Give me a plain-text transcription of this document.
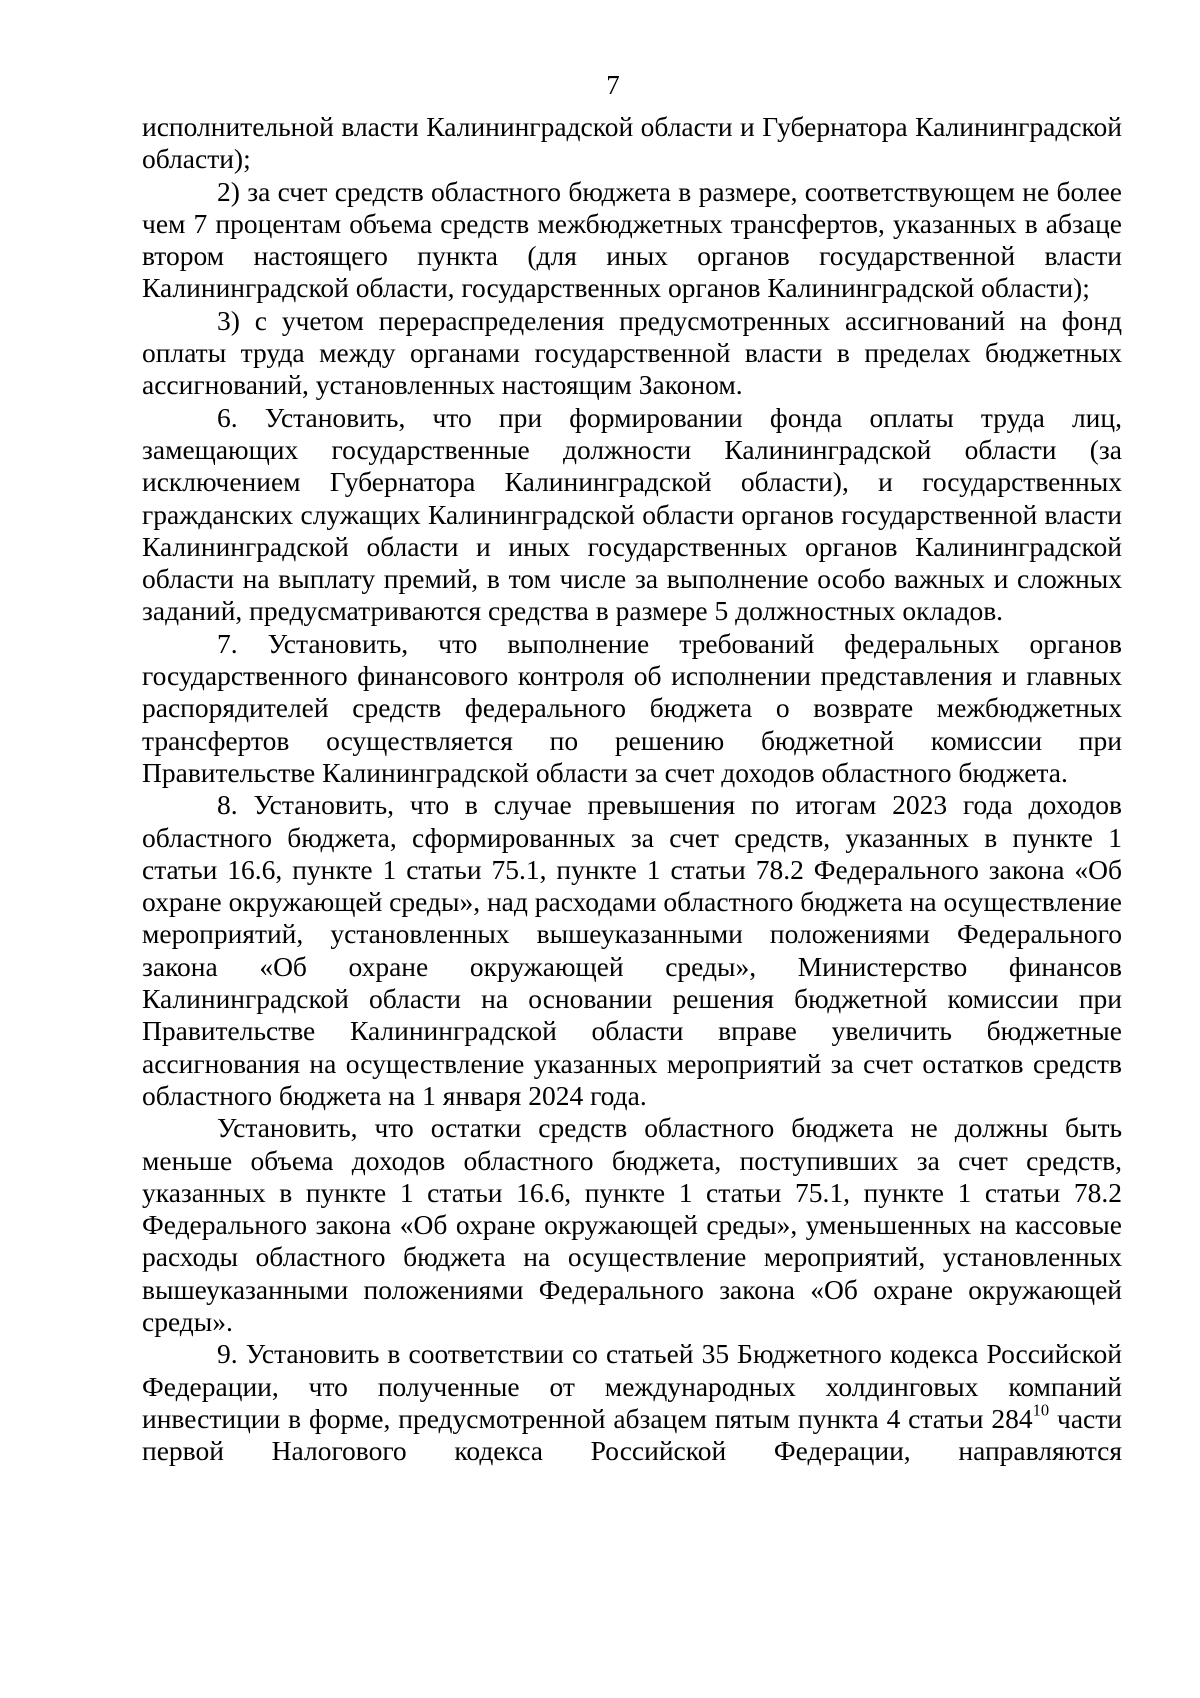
7

исполнительной власти Калининградской области и Губернатора Калининградской области);

2) за счет средств областного бюджета в размере, соответствующем не более чем 7 процентам объема средств межбюджетных трансфертов, указанных в абзаце втором настоящего пункта (для иных органов государственной власти Калининградской области, государственных органов Калининградской области);

3) с учетом перераспределения предусмотренных ассигнований на фонд оплаты труда между органами государственной власти в пределах бюджетных ассигнований, установленных настоящим Законом.

6. Установить, что при формировании фонда оплаты труда лиц, замещающих государственные должности Калининградской области (за исключением Губернатора Калининградской области), и государственных гражданских служащих Калининградской области органов государственной власти Калининградской области и иных государственных органов Калининградской области на выплату премий, в том числе за выполнение особо важных и сложных заданий, предусматриваются средства в размере 5 должностных окладов.

7. Установить, что выполнение требований федеральных органов государственного финансового контроля об исполнении представления и главных распорядителей средств федерального бюджета о возврате межбюджетных трансфертов осуществляется по решению бюджетной комиссии при Правительстве Калининградской области за счет доходов областного бюджета.

8. Установить, что в случае превышения по итогам 2023 года доходов областного бюджета, сформированных за счет средств, указанных в пункте 1 статьи 16.6, пункте 1 статьи 75.1, пункте 1 статьи 78.2 Федерального закона «Об охране окружающей среды», над расходами областного бюджета на осуществление мероприятий, установленных вышеуказанными положениями Федерального закона «Об охране окружающей среды», Министерство финансов Калининградской области на основании решения бюджетной комиссии при Правительстве Калининградской области вправе увеличить бюджетные ассигнования на осуществление указанных мероприятий за счет остатков средств областного бюджета на 1 января 2024 года.

Установить, что остатки средств областного бюджета не должны быть меньше объема доходов областного бюджета, поступивших за счет средств, указанных в пункте 1 статьи 16.6, пункте 1 статьи 75.1, пункте 1 статьи 78.2 Федерального закона «Об охране окружающей среды», уменьшенных на кассовые расходы областного бюджета на осуществление мероприятий, установленных вышеуказанными положениями Федерального закона «Об охране окружающей среды».

9. Установить в соответствии со статьей 35 Бюджетного кодекса Российской Федерации, что полученные от международных холдинговых компаний инвестиции в форме, предусмотренной абзацем пятым пункта 4 статьи $284^{10}$ части первой Налогового кодекса Российской Федерации, направляются
